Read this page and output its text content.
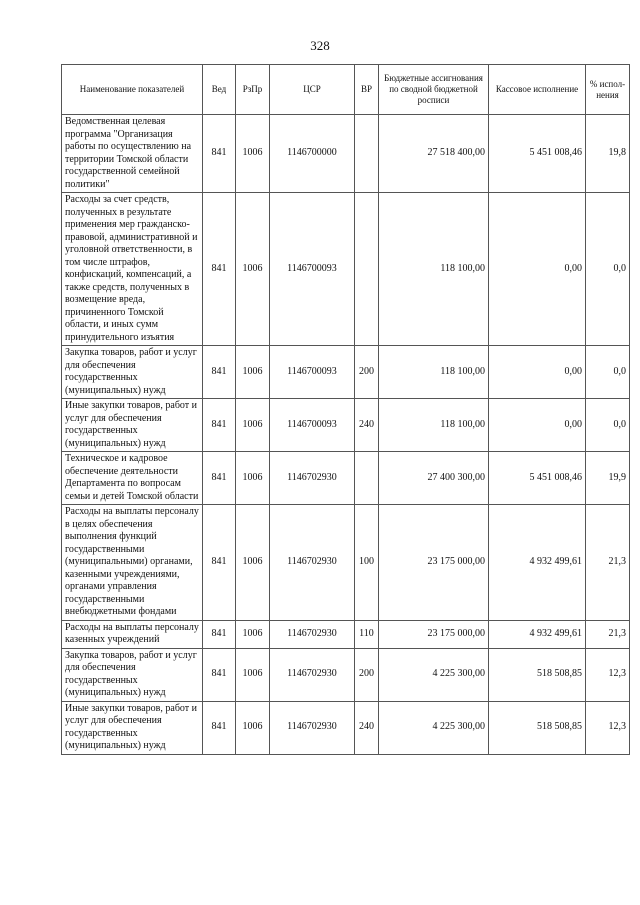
328
Наименование показателей	Вед	РзПр	ЦСР	ВР	Бюджетные ассигнования по сводной бюджетной росписи	Кассовое исполнение	% испол-нения
Ведомственная целевая программа "Организация работы по осуществлению на территории Томской области государственной семейной политики"	841	1006	1146700000		27 518 400,00	5 451 008,46	19,8
Расходы за счет средств, полученных в результате применения мер гражданско-правовой, административной и уголовной ответственности, в том числе штрафов, конфискаций, компенсаций, а также средств, полученных в возмещение вреда, причиненного Томской области, и иных сумм принудительного изъятия	841	1006	1146700093		118 100,00	0,00	0,0
Закупка товаров, работ и услуг для обеспечения государственных (муниципальных) нужд	841	1006	1146700093	200	118 100,00	0,00	0,0
Иные закупки товаров, работ и услуг для обеспечения государственных (муниципальных) нужд	841	1006	1146700093	240	118 100,00	0,00	0,0
Техническое и кадровое обеспечение деятельности Департамента по вопросам семьи и детей Томской области	841	1006	1146702930		27 400 300,00	5 451 008,46	19,9
Расходы на выплаты персоналу в целях обеспечения выполнения функций государственными (муниципальными) органами, казенными учреждениями, органами управления государственными внебюджетными фондами	841	1006	1146702930	100	23 175 000,00	4 932 499,61	21,3
Расходы на выплаты персоналу казенных учреждений	841	1006	1146702930	110	23 175 000,00	4 932 499,61	21,3
Закупка товаров, работ и услуг для обеспечения государственных (муниципальных) нужд	841	1006	1146702930	200	4 225 300,00	518 508,85	12,3
Иные закупки товаров, работ и услуг для обеспечения государственных (муниципальных) нужд	841	1006	1146702930	240	4 225 300,00	518 508,85	12,3
